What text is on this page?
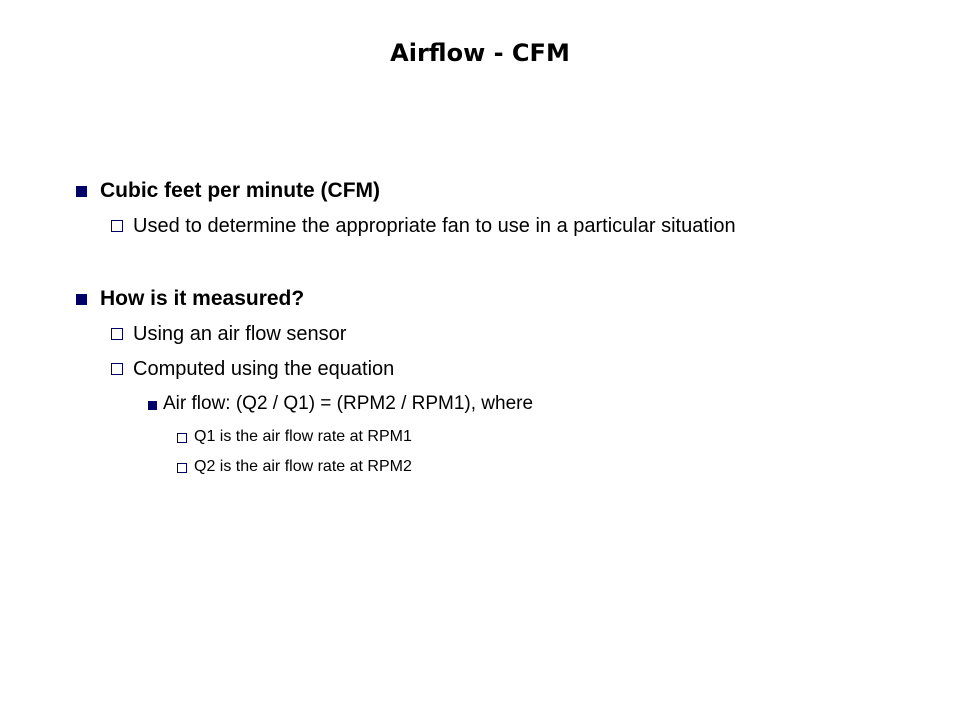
Airflow - CFM
Cubic feet per minute (CFM)
Used to determine the appropriate fan to use in a particular situation
How is it measured?
Using an air flow sensor
Computed using the equation
Air flow: (Q2 / Q1) = (RPM2 / RPM1), where
Q1 is the air flow rate at RPM1
Q2 is the air flow rate at RPM2
